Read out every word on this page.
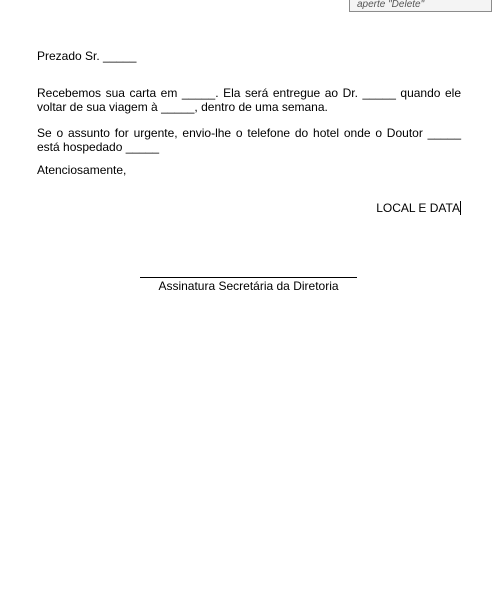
aperte "Delete"
Prezado Sr. _____
Recebemos sua carta em _____. Ela será entregue ao Dr. _____ quando ele voltar de sua viagem à _____, dentro de uma semana.
Se o assunto for urgente, envio-lhe o telefone do hotel onde o Doutor _____ está hospedado _____
Atenciosamente,
LOCAL E DATA
Assinatura Secretária da Diretoria
